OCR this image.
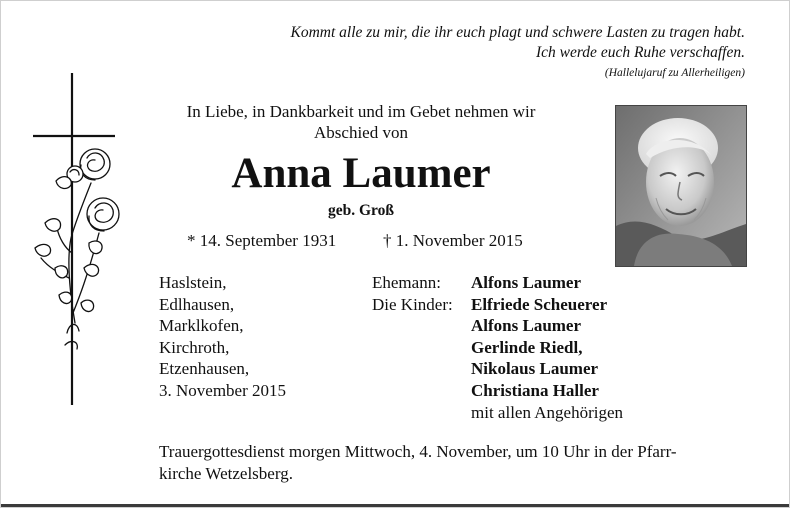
Kommt alle zu mir, die ihr euch plagt und schwere Lasten zu tragen habt.
Ich werde euch Ruhe verschaffen.
(Hallelujaruf zu Allerheiligen)
In Liebe, in Dankbarkeit und im Gebet nehmen wir
Abschied von
Anna Laumer
geb. Groß
* 14. September 1931	† 1. November 2015
Haslstein,
Edlhausen,
Marklkofen,
Kirchroth,
Etzenhausen,
3. November 2015
Ehemann:
Die Kinder:
Alfons Laumer
Elfriede Scheuerer
Alfons Laumer
Gerlinde Riedl,
Nikolaus Laumer
Christiana Haller
mit allen Angehörigen
Trauergottesdienst morgen Mittwoch, 4. November, um 10 Uhr in der Pfarr-
kirche Wetzelsberg.
